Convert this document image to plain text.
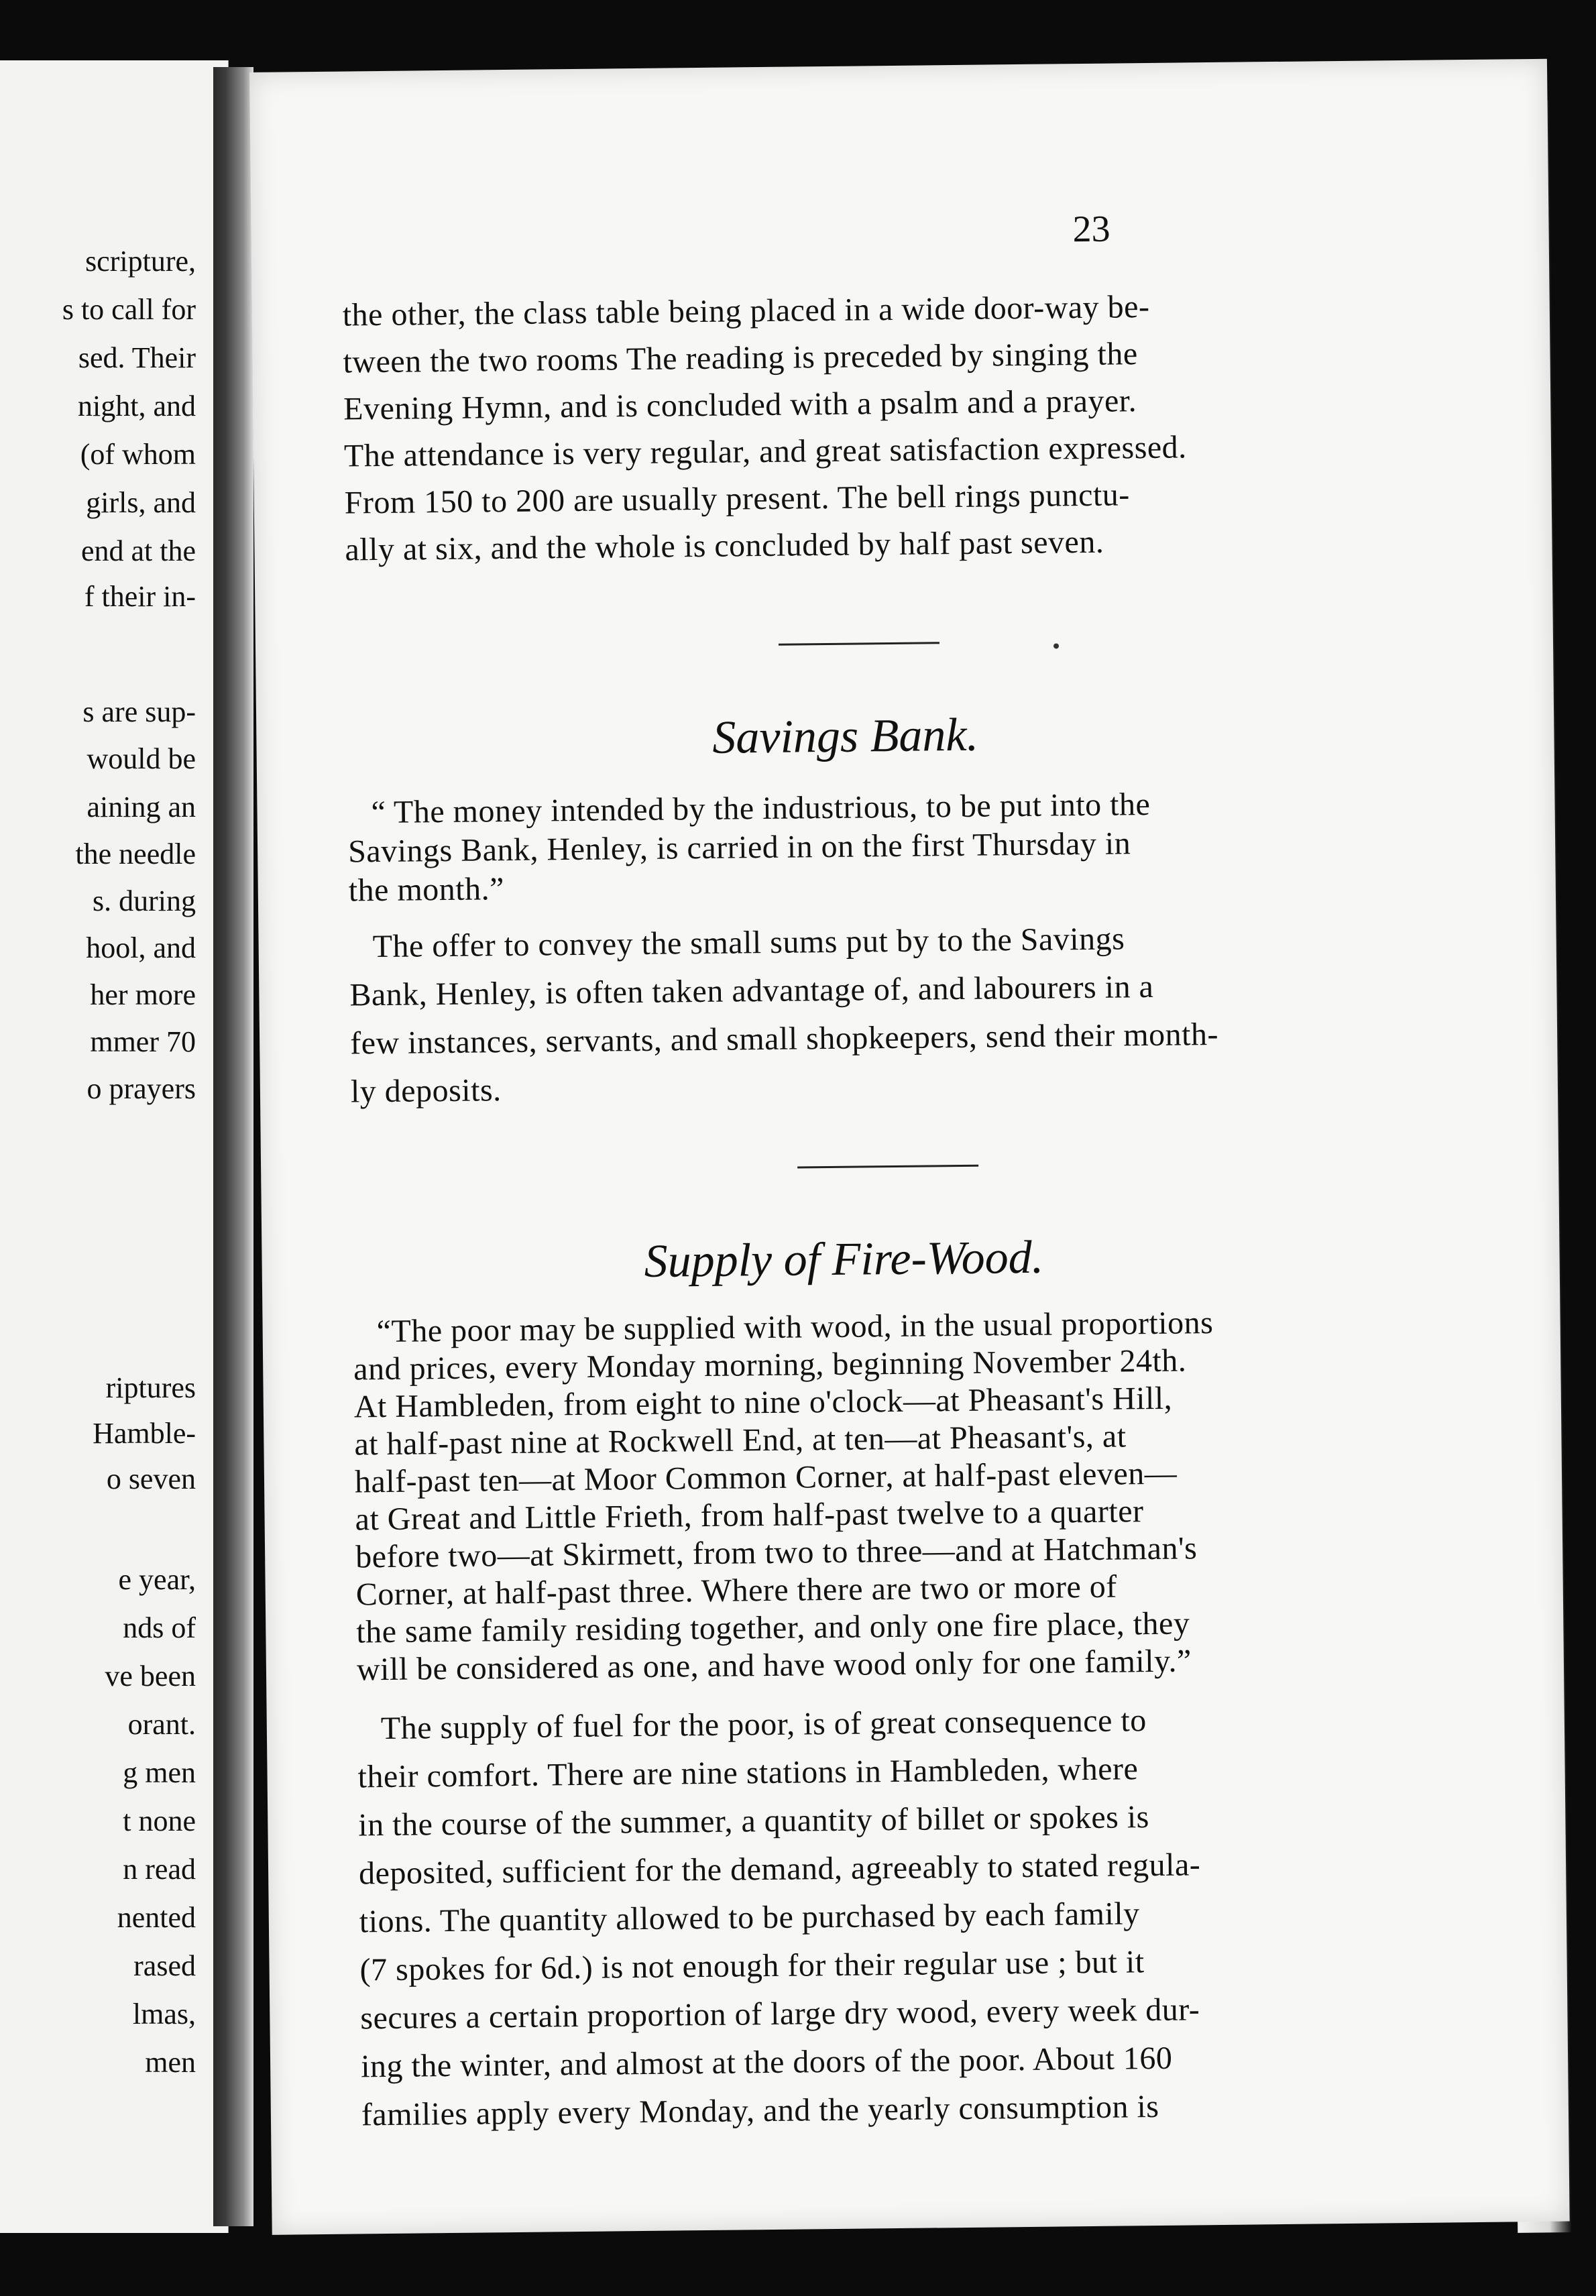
scripture,
s to call for
sed. Their
night, and
(of whom
girls, and
end at the
f their in-
s are sup-
would be
aining an
the needle
s. during
hool, and
her more
mmer 70
o prayers
riptures
Hamble-
o seven
e year,
nds of
ve been
orant.
g men
t none
n read
nented
rased
lmas,
men
23
the other, the class table being placed in a wide door-way be-
tween the two rooms The reading is preceded by singing the
Evening Hymn, and is concluded with a psalm and a prayer.
The attendance is very regular, and great satisfaction expressed.
From 150 to 200 are usually present. The bell rings punctu-
ally at six, and the whole is concluded by half past seven.
Savings Bank.
“ The money intended by the industrious, to be put into the
Savings Bank, Henley, is carried in on the first Thursday in
the month.”
The offer to convey the small sums put by to the Savings
Bank, Henley, is often taken advantage of, and labourers in a
few instances, servants, and small shopkeepers, send their month-
ly deposits.
Supply of Fire-Wood.
“The poor may be supplied with wood, in the usual proportions
and prices, every Monday morning, beginning November 24th.
At Hambleden, from eight to nine o'clock—at Pheasant's Hill,
at half-past nine at Rockwell End, at ten—at Pheasant's, at
half-past ten—at Moor Common Corner, at half-past eleven—
at Great and Little Frieth, from half-past twelve to a quarter
before two—at Skirmett, from two to three—and at Hatchman's
Corner, at half-past three. Where there are two or more of
the same family residing together, and only one fire place, they
will be considered as one, and have wood only for one family.”
The supply of fuel for the poor, is of great consequence to
their comfort. There are nine stations in Hambleden, where
in the course of the summer, a quantity of billet or spokes is
deposited, sufficient for the demand, agreeably to stated regula-
tions. The quantity allowed to be purchased by each family
(7 spokes for 6d.) is not enough for their regular use ; but it
secures a certain proportion of large dry wood, every week dur-
ing the winter, and almost at the doors of the poor. About 160
families apply every Monday, and the yearly consumption is
